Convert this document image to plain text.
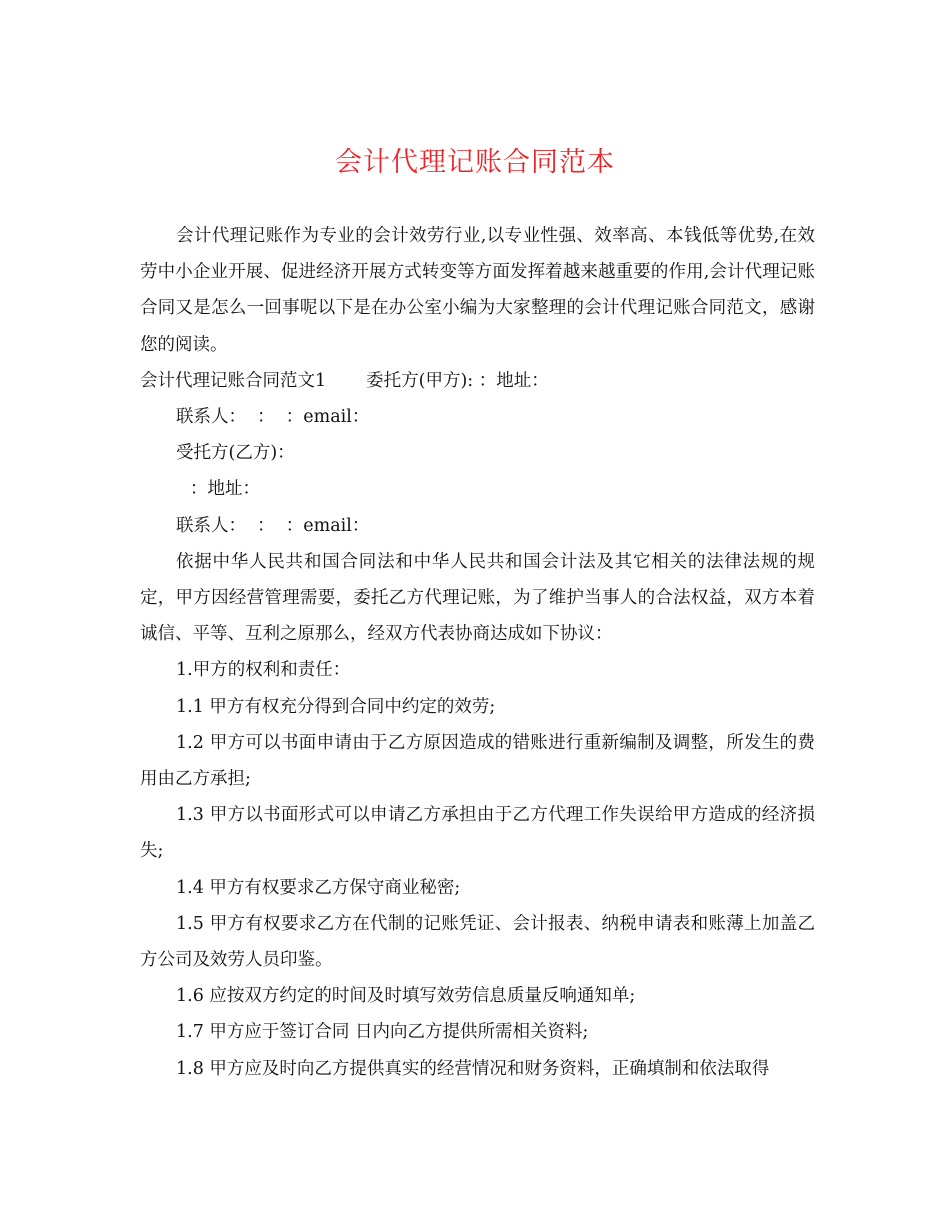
会计代理记账合同范本

会计代理记账作为专业的会计效劳行业,以专业性强、效率高、本钱低等优势,在效劳中小企业开展、促进经济开展方式转变等方面发挥着越来越重要的作用,会计代理记账合同又是怎么一回事呢以下是在办公室小编为大家整理的会计代理记账合同范文，感谢您的阅读。

会计代理记账合同范文1 委托方(甲方): ：地址：

联系人：  ：  ：email：

受托方(乙方)：

：地址：

联系人：  ：  ：email：

依据中华人民共和国合同法和中华人民共和国会计法及其它相关的法律法规的规定，甲方因经营管理需要，委托乙方代理记账，为了维护当事人的合法权益，双方本着诚信、平等、互利之原那么，经双方代表协商达成如下协议：

1.甲方的权利和责任：

1.1 甲方有权充分得到合同中约定的效劳;

1.2 甲方可以书面申请由于乙方原因造成的错账进行重新编制及调整，所发生的费用由乙方承担;

1.3 甲方以书面形式可以申请乙方承担由于乙方代理工作失误给甲方造成的经济损失;

1.4 甲方有权要求乙方保守商业秘密;

1.5 甲方有权要求乙方在代制的记账凭证、会计报表、纳税申请表和账薄上加盖乙方公司及效劳人员印鉴。

1.6 应按双方约定的时间及时填写效劳信息质量反响通知单;

1.7 甲方应于签订合同 日内向乙方提供所需相关资料;

1.8 甲方应及时向乙方提供真实的经营情况和财务资料，正确填制和依法取得
